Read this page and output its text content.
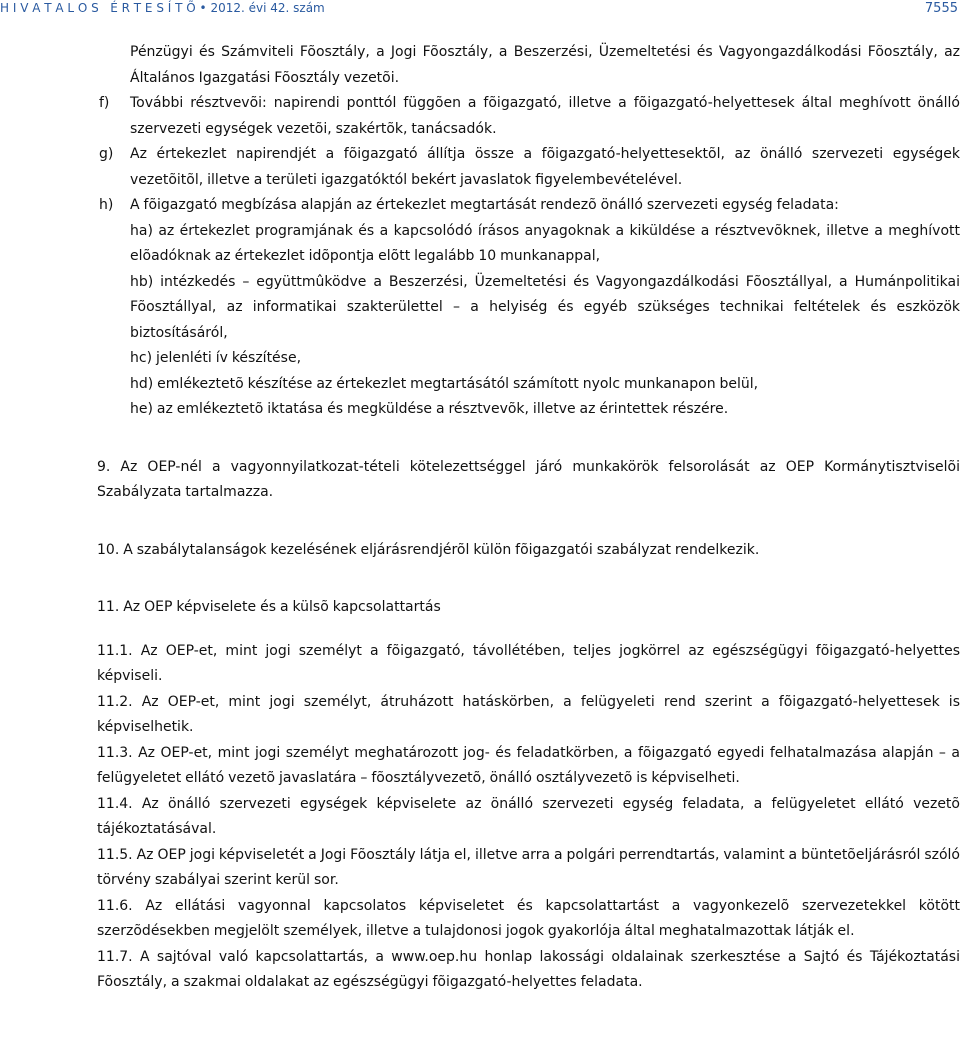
H I V A T A L O S   É R T E S Í T Õ • 2012. évi 42. szám	7555
Pénzügyi és Számviteli Fõosztály, a Jogi Fõosztály, a Beszerzési, Üzemeltetési és Vagyongazdálkodási Fõosztály, az Általános Igazgatási Fõosztály vezetõi.
f) További résztvevõi: napirendi ponttól függõen a fõigazgató, illetve a fõigazgató-helyettesek által meghívott önálló szervezeti egységek vezetõi, szakértõk, tanácsadók.
g) Az értekezlet napirendjét a fõigazgató állítja össze a fõigazgató-helyettesektõl, az önálló szervezeti egységek vezetõitõl, illetve a területi igazgatóktól bekért javaslatok figyelembevételével.
h) A fõigazgató megbízása alapján az értekezlet megtartását rendezõ önálló szervezeti egység feladata:
ha) az értekezlet programjának és a kapcsolódó írásos anyagoknak a kiküldése a résztvevõknek, illetve a meghívott elõadóknak az értekezlet idõpontja elõtt legalább 10 munkanappal,
hb) intézkedés – együttmûködve a Beszerzési, Üzemeltetési és Vagyongazdálkodási Fõosztállyal, a Humánpolitikai Fõosztállyal, az informatikai szakterülettel – a helyiség és egyéb szükséges technikai feltételek és eszközök biztosításáról,
hc) jelenléti ív készítése,
hd) emlékeztetõ készítése az értekezlet megtartásától számított nyolc munkanapon belül,
he) az emlékeztetõ iktatása és megküldése a résztvevõk, illetve az érintettek részére.
9. Az OEP-nél a vagyonnyilatkozat-tételi kötelezettséggel járó munkakörök felsorolását az OEP Kormánytisztviselõi Szabályzata tartalmazza.
10. A szabálytalanságok kezelésének eljárásrendjérõl külön fõigazgatói szabályzat rendelkezik.
11. Az OEP képviselete és a külsõ kapcsolattartás
11.1. Az OEP-et, mint jogi személyt a fõigazgató, távollétében, teljes jogkörrel az egészségügyi fõigazgató-helyettes képviseli.
11.2. Az OEP-et, mint jogi személyt, átruházott hatáskörben, a felügyeleti rend szerint a fõigazgató-helyettesek is képviselhetik.
11.3. Az OEP-et, mint jogi személyt meghatározott jog- és feladatkörben, a fõigazgató egyedi felhatalmazása alapján – a felügyeletet ellátó vezetõ javaslatára – fõosztályvezetõ, önálló osztályvezetõ is képviselheti.
11.4. Az önálló szervezeti egységek képviselete az önálló szervezeti egység feladata, a felügyeletet ellátó vezetõ tájékoztatásával.
11.5. Az OEP jogi képviseletét a Jogi Fõosztály látja el, illetve arra a polgári perrendtartás, valamint a büntetõeljárásról szóló törvény szabályai szerint kerül sor.
11.6. Az ellátási vagyonnal kapcsolatos képviseletet és kapcsolattartást a vagyonkezelõ szervezetekkel kötött szerzõdésekben megjelölt személyek, illetve a tulajdonosi jogok gyakorlója által meghatalmazottak látják el.
11.7. A sajtóval való kapcsolattartás, a www.oep.hu honlap lakossági oldalainak szerkesztése a Sajtó és Tájékoztatási Fõosztály, a szakmai oldalakat az egészségügyi fõigazgató-helyettes feladata.
